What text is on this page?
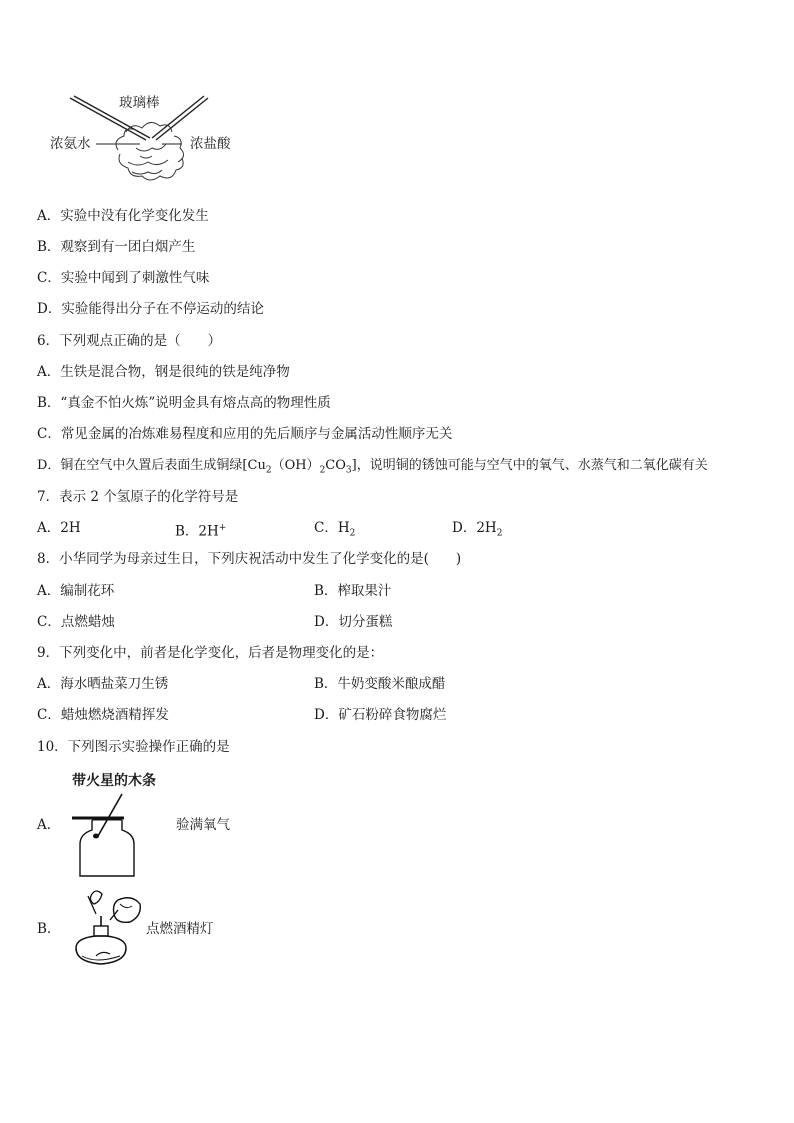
玻璃棒
浓氨水	浓盐酸
A．实验中没有化学变化发生
B．观察到有一团白烟产生
C．实验中闻到了刺激性气味
D．实验能得出分子在不停运动的结论
6．下列观点正确的是（　　）
A．生铁是混合物，钢是很纯的铁是纯净物
B．“真金不怕火炼”说明金具有熔点高的物理性质
C．常见金属的冶炼难易程度和应用的先后顺序与金属活动性顺序无关
D．铜在空气中久置后表面生成铜绿$[Cu_2(OH)_2CO_3]$，说明铜的锈蚀可能与空气中的氧气、水蒸气和二氧化碳有关
7．表示 2 个氢原子的化学符号是
A．2H	B．2H+	C．$H_2$	D．$2H_2$
8．小华同学为母亲过生日，下列庆祝活动中发生了化学变化的是(　　)
A．编制花环	B．榨取果汁
C．点燃蜡烛	D．切分蛋糕
9．下列变化中，前者是化学变化，后者是物理变化的是：
A．海水晒盐菜刀生锈	B．牛奶变酸米酿成醋
C．蜡烛燃烧酒精挥发	D．矿石粉碎食物腐烂
10．下列图示实验操作正确的是
A．
带火星的木条
验满氧气
B．	点燃酒精灯
